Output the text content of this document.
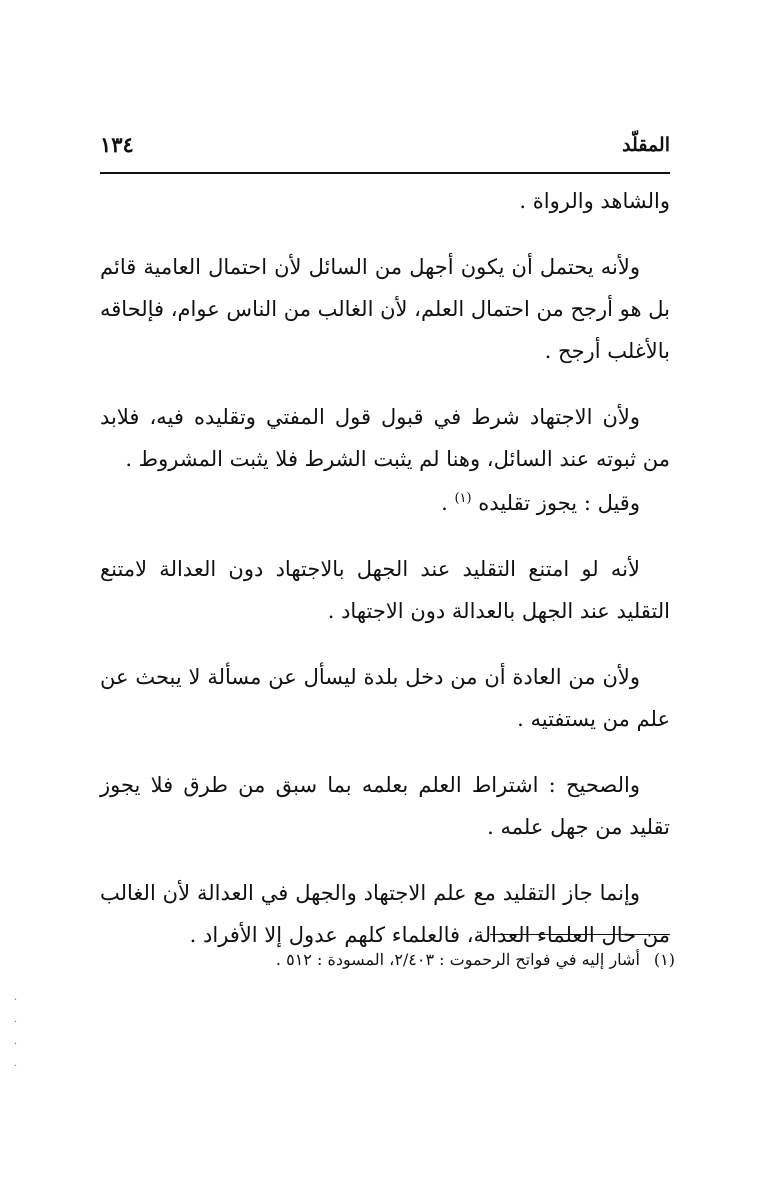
المقلّد
١٣٤

والشاهد والرواة .

ولأنه يحتمل أن يكون أجهل من السائل لأن احتمال العامية قائم بل هو أرجح من احتمال العلم، لأن الغالب من الناس عوام، فإلحاقه بالأغلب أرجح .

ولأن الاجتهاد شرط في قبول قول المفتي وتقليده فيه، فلابد من ثبوته عند السائل، وهنا لم يثبت الشرط فلا يثبت المشروط .

وقيل : يجوز تقليده $^{(١)}$ .

لأنه لو امتنع التقليد عند الجهل بالاجتهاد دون العدالة لامتنع التقليد عند الجهل بالعدالة دون الاجتهاد .

ولأن من العادة أن من دخل بلدة ليسأل عن مسألة لا يبحث عن علم من يستفتيه .

والصحيح : اشتراط العلم بعلمه بما سبق من طرق فلا يجوز تقليد من جهل علمه .

وإنما جاز التقليد مع علم الاجتهاد والجهل في العدالة لأن الغالب من حال العلماء العدالة، فالعلماء كلهم عدول إلا الأفراد .

(١)أشار إليه في فواتح الرحموت : ٢/٤٠٣، المسودة : ٥١٢ .
·
·
·
·
